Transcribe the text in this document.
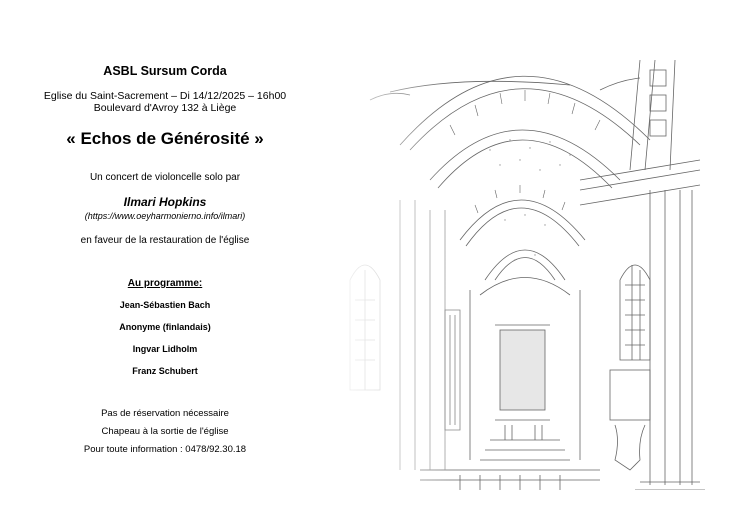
ASBL Sursum Corda
Eglise du Saint-Sacrement – Di 14/12/2025 – 16h00
Boulevard d'Avroy 132 à Liège
« Echos de Générosité »
Un concert de violoncelle solo par
Ilmari Hopkins
(https://www.oeyharmonierno.info/ilmari)
en faveur de la restauration de l'église
Au programme:
Jean-Sébastien Bach
Anonyme (finlandais)
Ingvar Lidholm
Franz Schubert
Pas de réservation nécessaire
Chapeau à la sortie de l'église
Pour toute information : 0478/92.30.18
